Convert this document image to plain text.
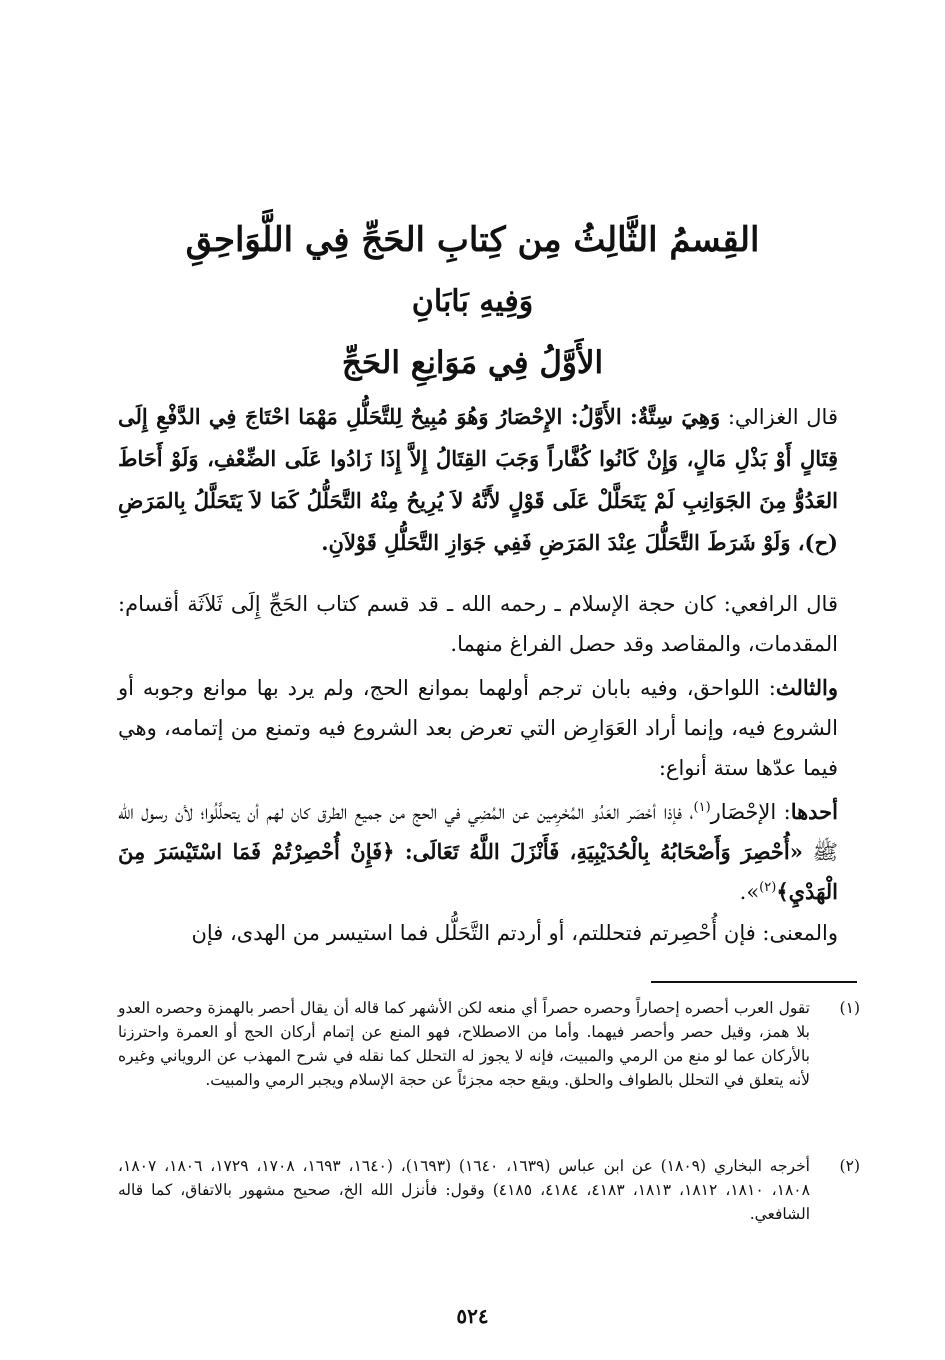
القِسمُ الثَّالِثُ مِن كِتابِ الحَجِّ فِي اللَّوَاحِقِ
وَفِيهِ بَابَانِ
الأَوَّلُ فِي مَوَانِعِ الحَجِّ
قال الغزالي: وَهِيَ سِتَّةٌ: الأَوَّلُ: الإِحْصَارُ وَهُوَ مُبِيحٌ لِلتَّحَلُّلِ مَهْمَا احْتَاجَ فِي الدَّفْعِ إِلَى قِتَالٍ أَوْ بَذْلِ مَالٍ، وَإِنْ كَانُوا كُفَّاراً وَجَبَ القِتَالُ إِلاَّ إِذَا زَادُوا عَلَى الضِّعْفِ، وَلَوْ أَحَاطَ العَدُوُّ مِنَ الجَوَانِبِ لَمْ يَتَحَلَّلْ عَلَى قَوْلٍ لأَنَّهُ لاَ يُرِيحُ مِنْهُ التَّحَلُّلُ كَمَا لاَ يَتَحَلَّلُ بِالمَرَضِ (ح)، وَلَوْ شَرَطَ التَّحَلُّلَ عِنْدَ المَرَضِ فَفِي جَوَازِ التَّحَلُّلِ قَوْلاَنِ.
قال الرافعي: كان حجة الإسلام ـ رحمه الله ـ قد قسم كتاب الحَجِّ إِلَى ثَلاَثَة أقسام: المقدمات، والمقاصد وقد حصل الفراغ منهما.
والثالث: اللواحق، وفيه بابان ترجم أولهما بموانع الحج، ولم يرد بها موانع وجوبه أو الشروع فيه، وإنما أراد العَوَارِض التي تعرض بعد الشروع فيه وتمنع من إتمامه، وهي فيما عدّها ستة أنواع:
أحدها: الإحْصَار$^{(١)}$، فإذا أحْصَر العَدُو المُحْرِمين عن المُضِي في الحج من جميع الطرق كان لهم أن يتحلَّلُوا؛ لأن رسول الله ﷺ «أُحْصِرَ وَأَصْحَابُهُ بِالْحُدَيْبِيَةِ، فَأَنْزَلَ اللَّهُ تَعَالَى: ﴿فَإِنْ أُحْصِرْتُمْ فَمَا اسْتَيْسَرَ مِنَ الْهَدْيِ﴾$^{(٢)}$».
والمعنى: فإن أُحْصِرتم فتحللتم، أو أردتم التَّحَلُّل فما استيسر من الهدى، فإن
(١)
تقول العرب أحصره إحصاراً وحصره حصراً أي منعه لكن الأشهر كما قاله أن يقال أحصر بالهمزة وحصره العدو بلا همز، وقيل حصر وأحصر فيهما. وأما من الاصطلاح، فهو المنع عن إتمام أركان الحج أو العمرة واحترزنا بالأركان عما لو منع من الرمي والمبيت، فإنه لا يجوز له التحلل كما نقله في شرح المهذب عن الروياني وغيره لأنه يتعلق في التحلل بالطواف والحلق. ويقع حجه مجزئاً عن حجة الإسلام ويجبر الرمي والمبيت.
(٢)
أخرجه البخاري (١٨٠٩) عن ابن عباس (١٦٣٩، ١٦٤٠) (١٦٩٣)، (١٦٤٠، ١٦٩٣، ١٧٠٨، ١٧٢٩، ١٨٠٦، ١٨٠٧، ١٨٠٨، ١٨١٠، ١٨١٢، ١٨١٣، ٤١٨٣، ٤١٨٤، ٤١٨٥) وقول: فأنزل الله الخ، صحيح مشهور بالاتفاق، كما قاله الشافعي.
٥٢٤
